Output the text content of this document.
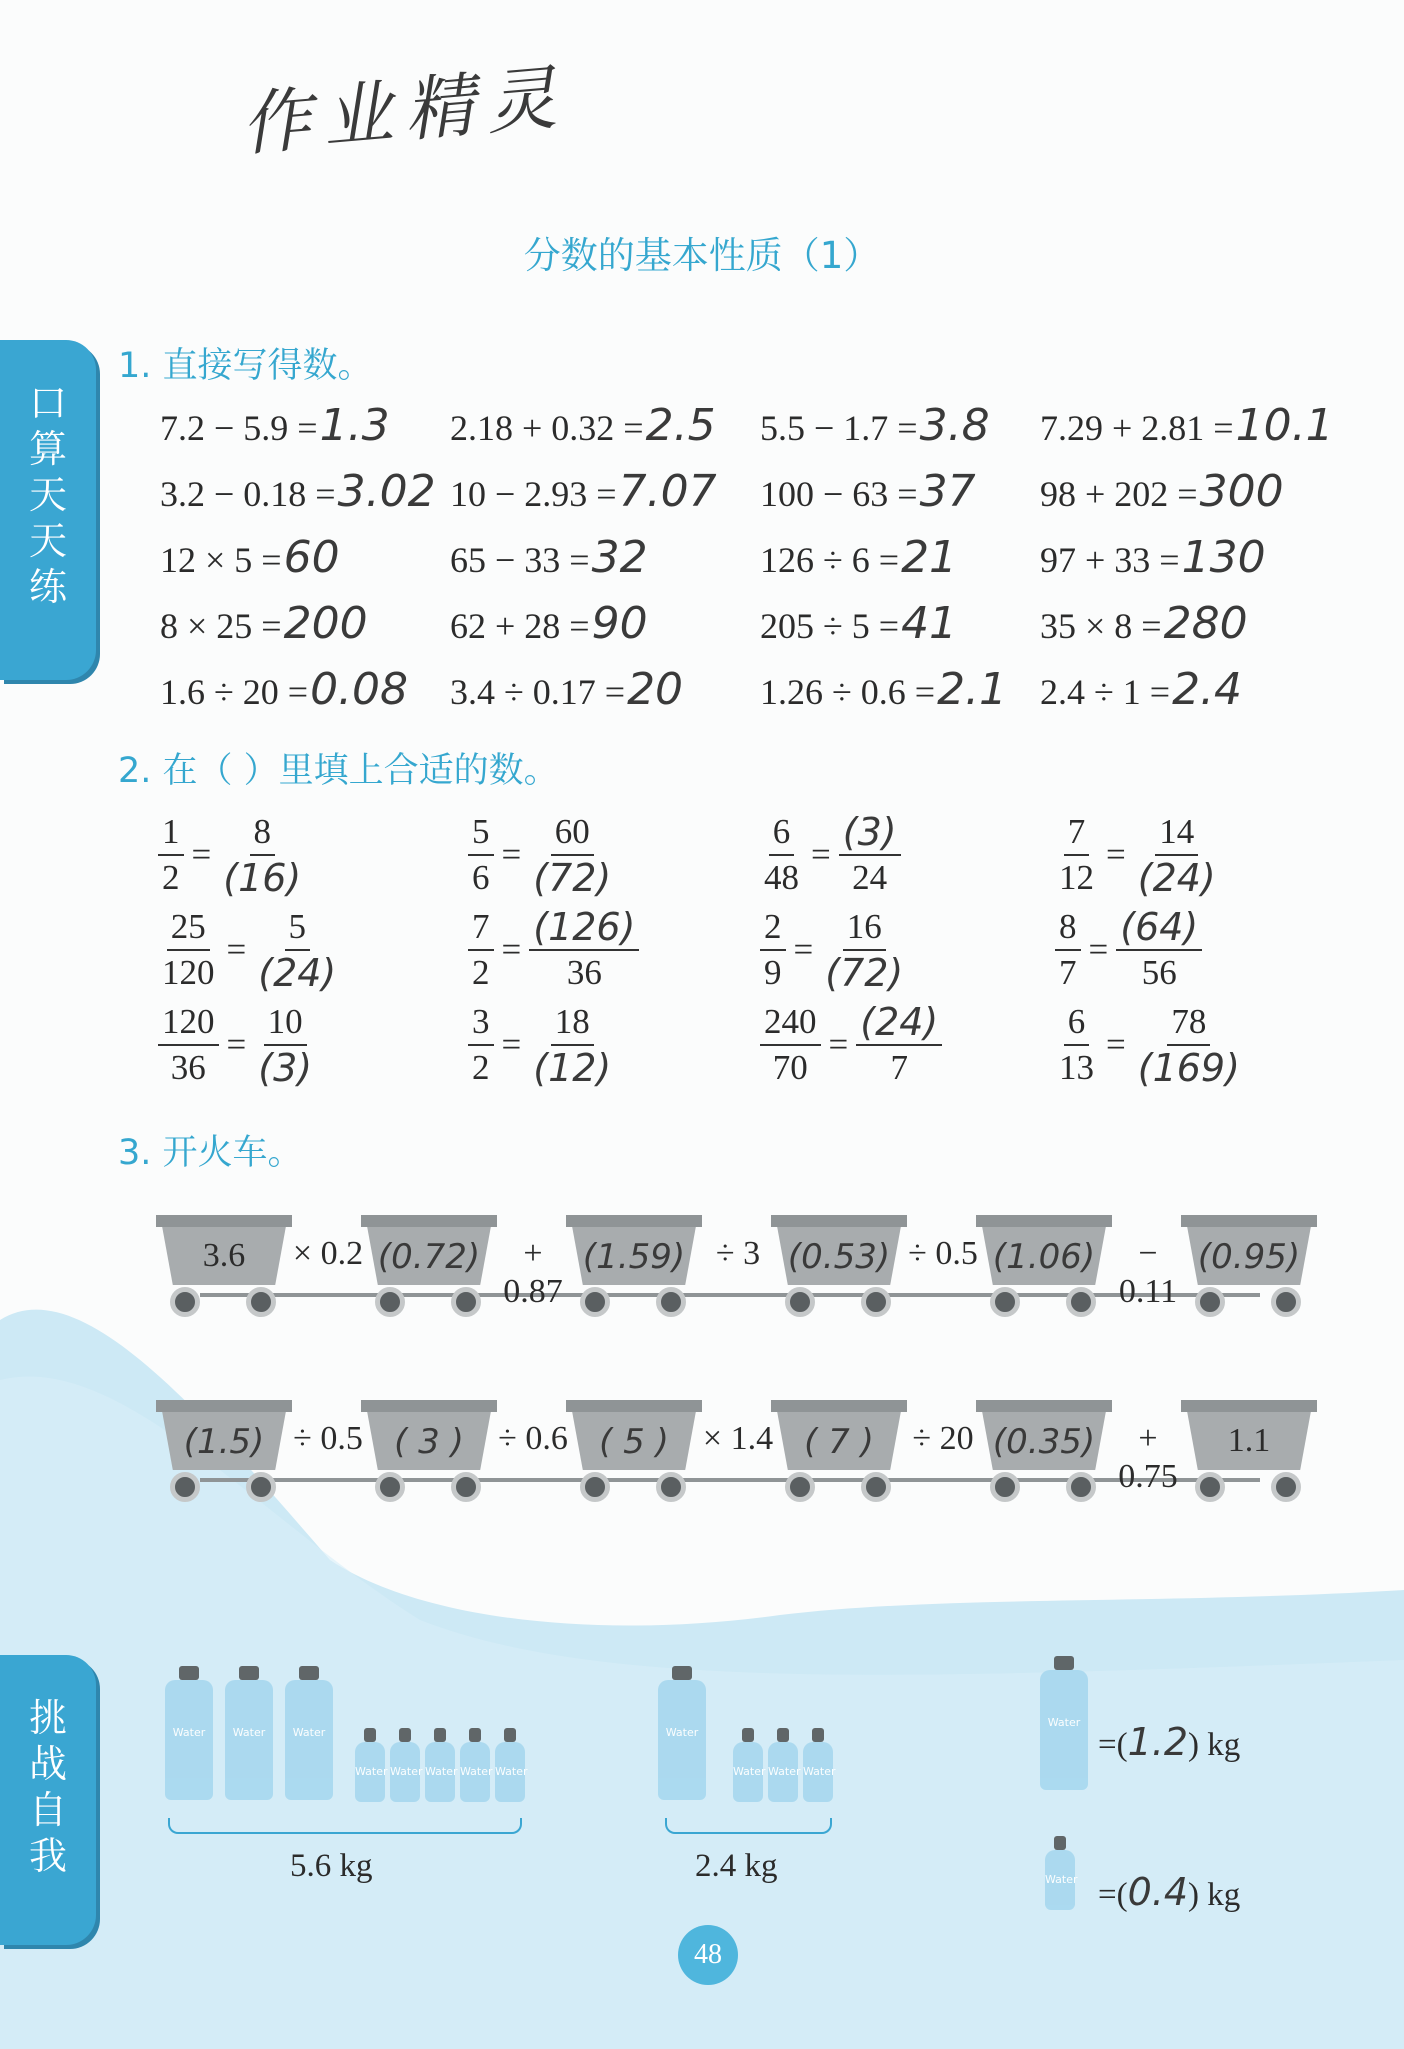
作业精灵
分数的基本性质（1）
口
算
天
天
练
挑
战
自
我
1. 直接写得数。
7.2 − 5.9 =1.3 2.18 + 0.32 =2.5 5.5 − 1.7 =3.8 7.29 + 2.81 =10.1
3.2 − 0.18 =3.02 10 − 2.93 =7.07 100 − 63 =37 98 + 202 =300
12 × 5 =60	65 − 33 =32	126 ÷ 6 =21 97 + 33 =130
8 × 25 =200 62 + 28 =90	205 ÷ 5 =41 35 × 8 =280
1.6 ÷ 20 =0.08 3.4 ÷ 0.17 =20 1.26 ÷ 0.6 =2.1 2.4 ÷ 1 =2.4
2. 在（ ）里填上合适的数。
$\frac{1}{2} = \frac{8}{(16)}$	$\frac{5}{6} = \frac{60}{(72)}$	$\frac{6}{48} = \frac{(3)}{24}$	$\frac{7}{12} = \frac{14}{(24)}$
$\frac{25}{120} = \frac{5}{(24)}$	$\frac{7}{2} = \frac{(126)}{36}$	$\frac{2}{9} = \frac{16}{(72)}$	$\frac{8}{7} = \frac{(64)}{56}$
$\frac{120}{36} = \frac{10}{(3)}$	$\frac{3}{2} = \frac{18}{(12)}$	$\frac{240}{70} = \frac{(24)}{7}$	$\frac{6}{13} = \frac{78}{(169)}$
3. 开火车。
3.6	(0.72)	(1.59)	(0.53)	(1.06)	(0.95)
× 0.2	+ 0.87
÷ 3	÷ 0.5	− 0.11
(1.5)	( 3 )	( 5 )	( 7 )	(0.35)	1.1
÷ 0.5	÷ 0.6	× 1.4	÷ 20	+ 0.75
Water	Water	Water
Water Water Water Water Water
Water
Water Water Water
Water
Water
5.6 kg	2.4 kg
=(1.2) kg
=(0.4) kg
48
